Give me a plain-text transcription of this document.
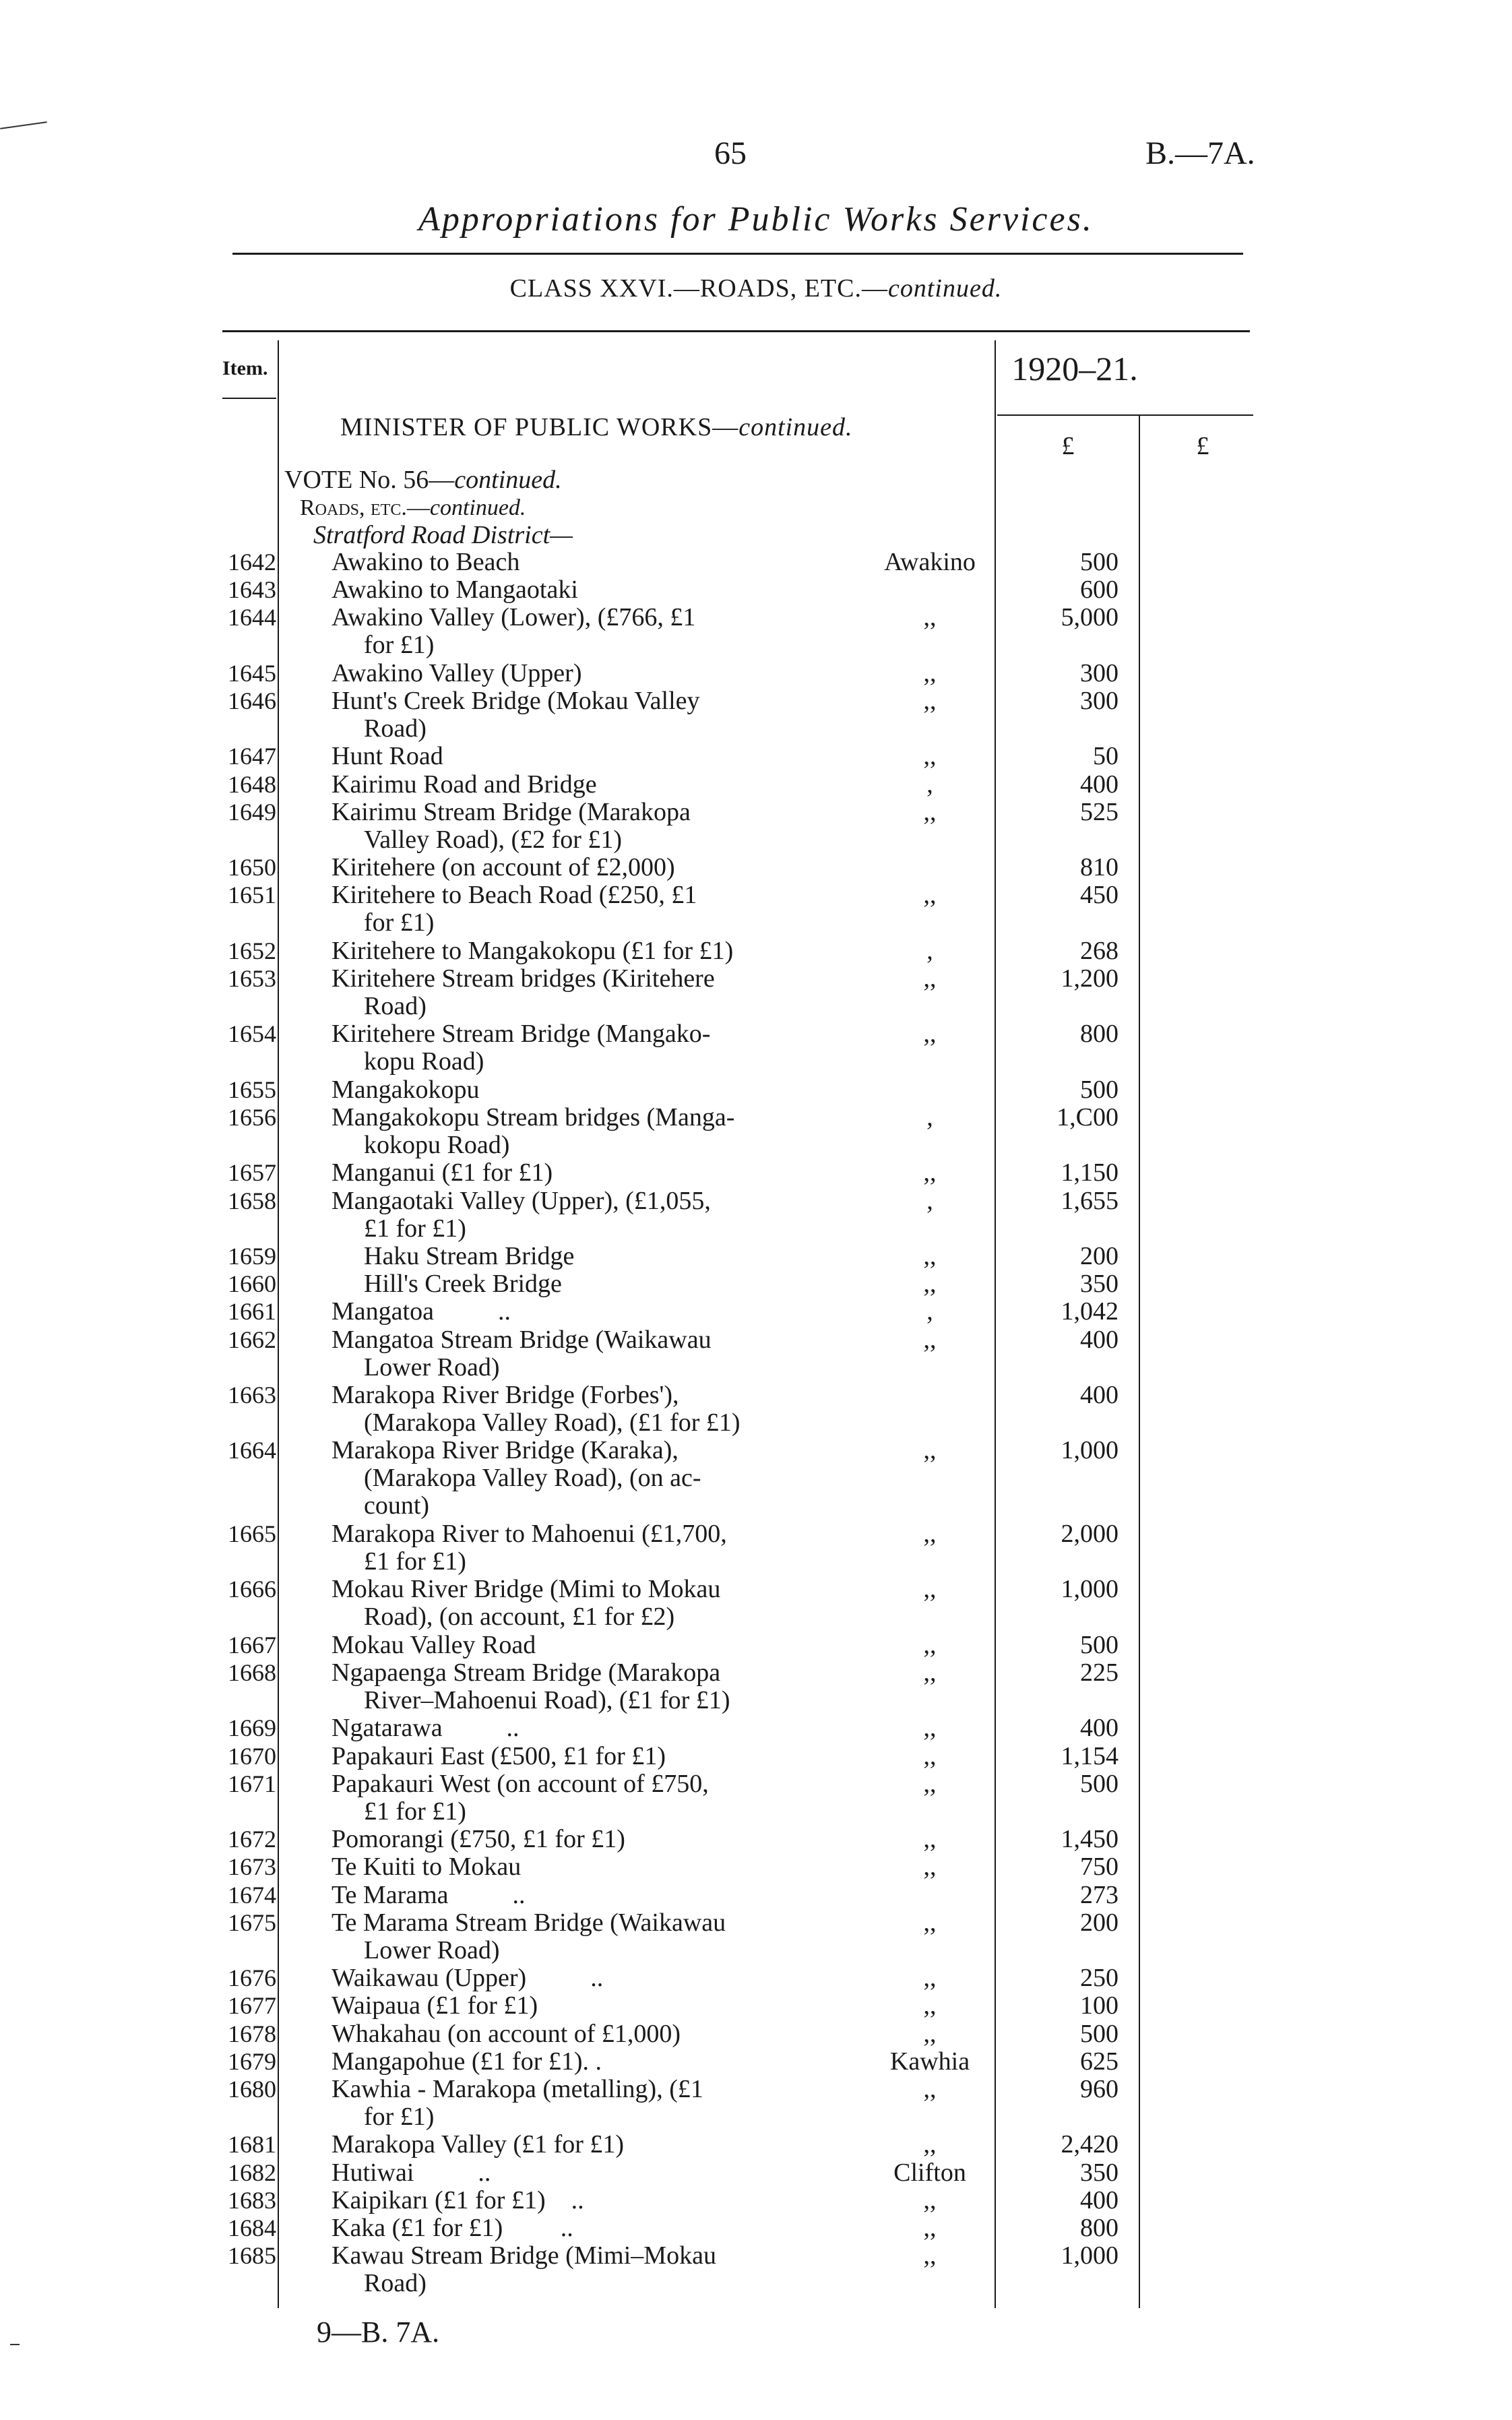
65	B.—7A.
Appropriations for Public Works Services.
CLASS XXVI.—ROADS, ETC.—continued.
Item.	1920–21.
£	£
MINISTER OF PUBLIC WORKS—continued.
VOTE No. 56—continued.
Roads, etc.—continued.
Stratford Road District—
1642 Awakino to Beach	Awakino	500
1643 Awakino to Mangaotaki	600
1644 Awakino Valley (Lower), (£766, £1
for £1)
,,	5,000
1645 Awakino Valley (Upper)	,,	300
1646 Hunt's Creek Bridge (Mokau Valley
Road)
,,	300
1647 Hunt Road	,,	50
1648 Kairimu Road and Bridge	,	400
1649 Kairimu Stream Bridge (Marakopa
Valley Road), (£2 for £1)
,,	525
1650 Kiritehere (on account of £2,000)	810
1651 Kiritehere to Beach Road (£250, £1
for £1)
,,	450
1652 Kiritehere to Mangakokopu (£1 for £1)	,	268
1653 Kiritehere Stream bridges (Kiritehere
Road)
,,	1,200
1654 Kiritehere Stream Bridge (Mangako-
kopu Road)
,,	800
1655 Mangakokopu	500
1656 Mangakokopu Stream bridges (Manga-
kokopu Road)
,	1,C00
1657 Manganui (£1 for £1)	,,	1,150
1658 Mangaotaki Valley (Upper), (£1,055,
£1 for £1)
,	1,655
1659	Haku Stream Bridge	,,	200
1660	Hill's Creek Bridge	,,	350
1661 Mangatoa          ..	,	1,042
1662 Mangatoa Stream Bridge (Waikawau
Lower Road)
,,	400
1663 Marakopa River Bridge (Forbes'),
(Marakopa Valley Road), (£1 for £1)
400
1664 Marakopa River Bridge (Karaka),
(Marakopa Valley Road), (on ac-
count)
,,	1,000
1665 Marakopa River to Mahoenui (£1,700,
£1 for £1)
,,	2,000
1666 Mokau River Bridge (Mimi to Mokau
Road), (on account, £1 for £2)
,,	1,000
1667 Mokau Valley Road	,,	500
1668 Ngapaenga Stream Bridge (Marakopa
River–Mahoenui Road), (£1 for £1)
,,	225
1669 Ngatarawa          ..	,,	400
1670 Papakauri East (£500, £1 for £1)	,,	1,154
1671 Papakauri West (on account of £750,
£1 for £1)
,,	500
1672 Pomorangi (£750, £1 for £1)	,,	1,450
1673 Te Kuiti to Mokau	,,	750
1674 Te Marama          ..	273
1675 Te Marama Stream Bridge (Waikawau
Lower Road)
,,	200
1676 Waikawau (Upper)          ..	,,	250
1677 Waipaua (£1 for £1)	,,	100
1678 Whakahau (on account of £1,000)	,,	500
1679 Mangapohue (£1 for £1). .	Kawhia	625
1680 Kawhia - Marakopa (metalling), (£1
for £1)
,,	960
1681 Marakopa Valley (£1 for £1)	,,	2,420
1682 Hutiwai          ..	Clifton	350
1683 Kaipikarı (£1 for £1)    ..	,,	400
1684 Kaka (£1 for £1)         ..	,,	800
1685 Kawau Stream Bridge (Mimi–Mokau
Road)
,,	1,000
9—B. 7A.
